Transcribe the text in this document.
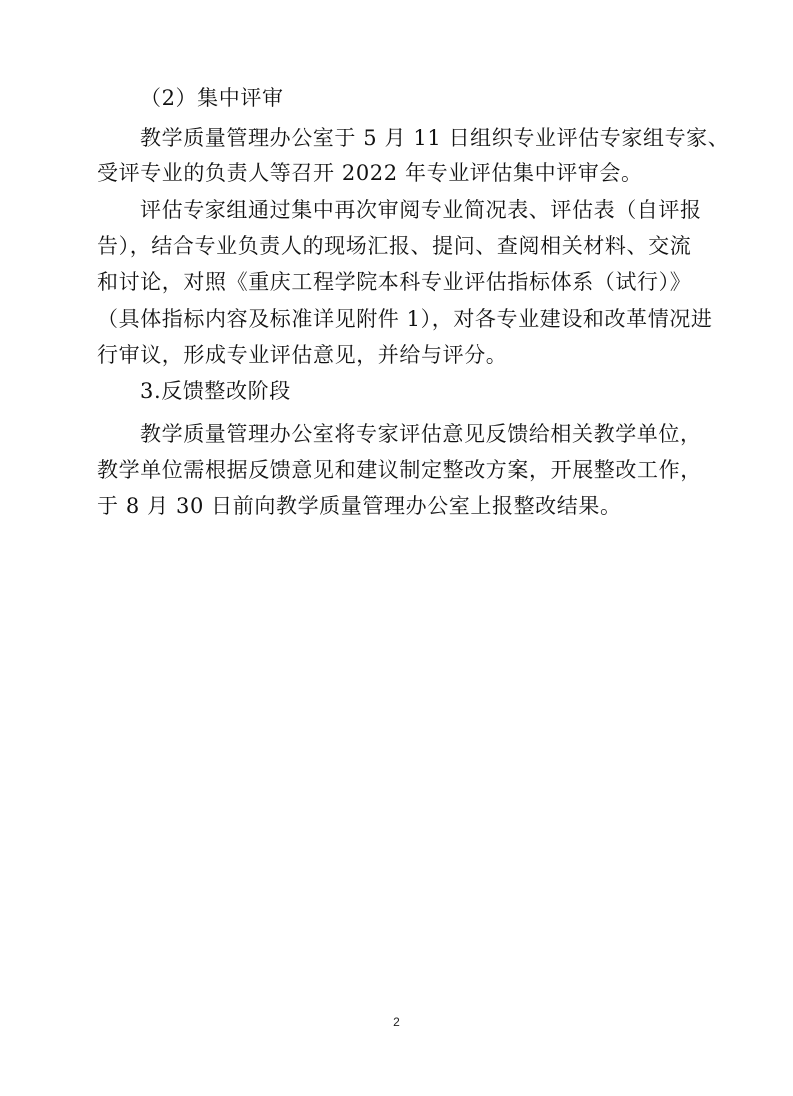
（2）集中评审
教学质量管理办公室于 5 月 11 日组织专业评估专家组专家、
受评专业的负责人等召开 2022 年专业评估集中评审会。
评估专家组通过集中再次审阅专业简况表、评估表（自评报
告），结合专业负责人的现场汇报、提问、查阅相关材料、交流
和讨论，对照《重庆工程学院本科专业评估指标体系（试行）》
（具体指标内容及标准详见附件 1），对各专业建设和改革情况进
行审议，形成专业评估意见，并给与评分。
3.反馈整改阶段
教学质量管理办公室将专家评估意见反馈给相关教学单位，
教学单位需根据反馈意见和建议制定整改方案，开展整改工作，
于 8 月 30 日前向教学质量管理办公室上报整改结果。
2
